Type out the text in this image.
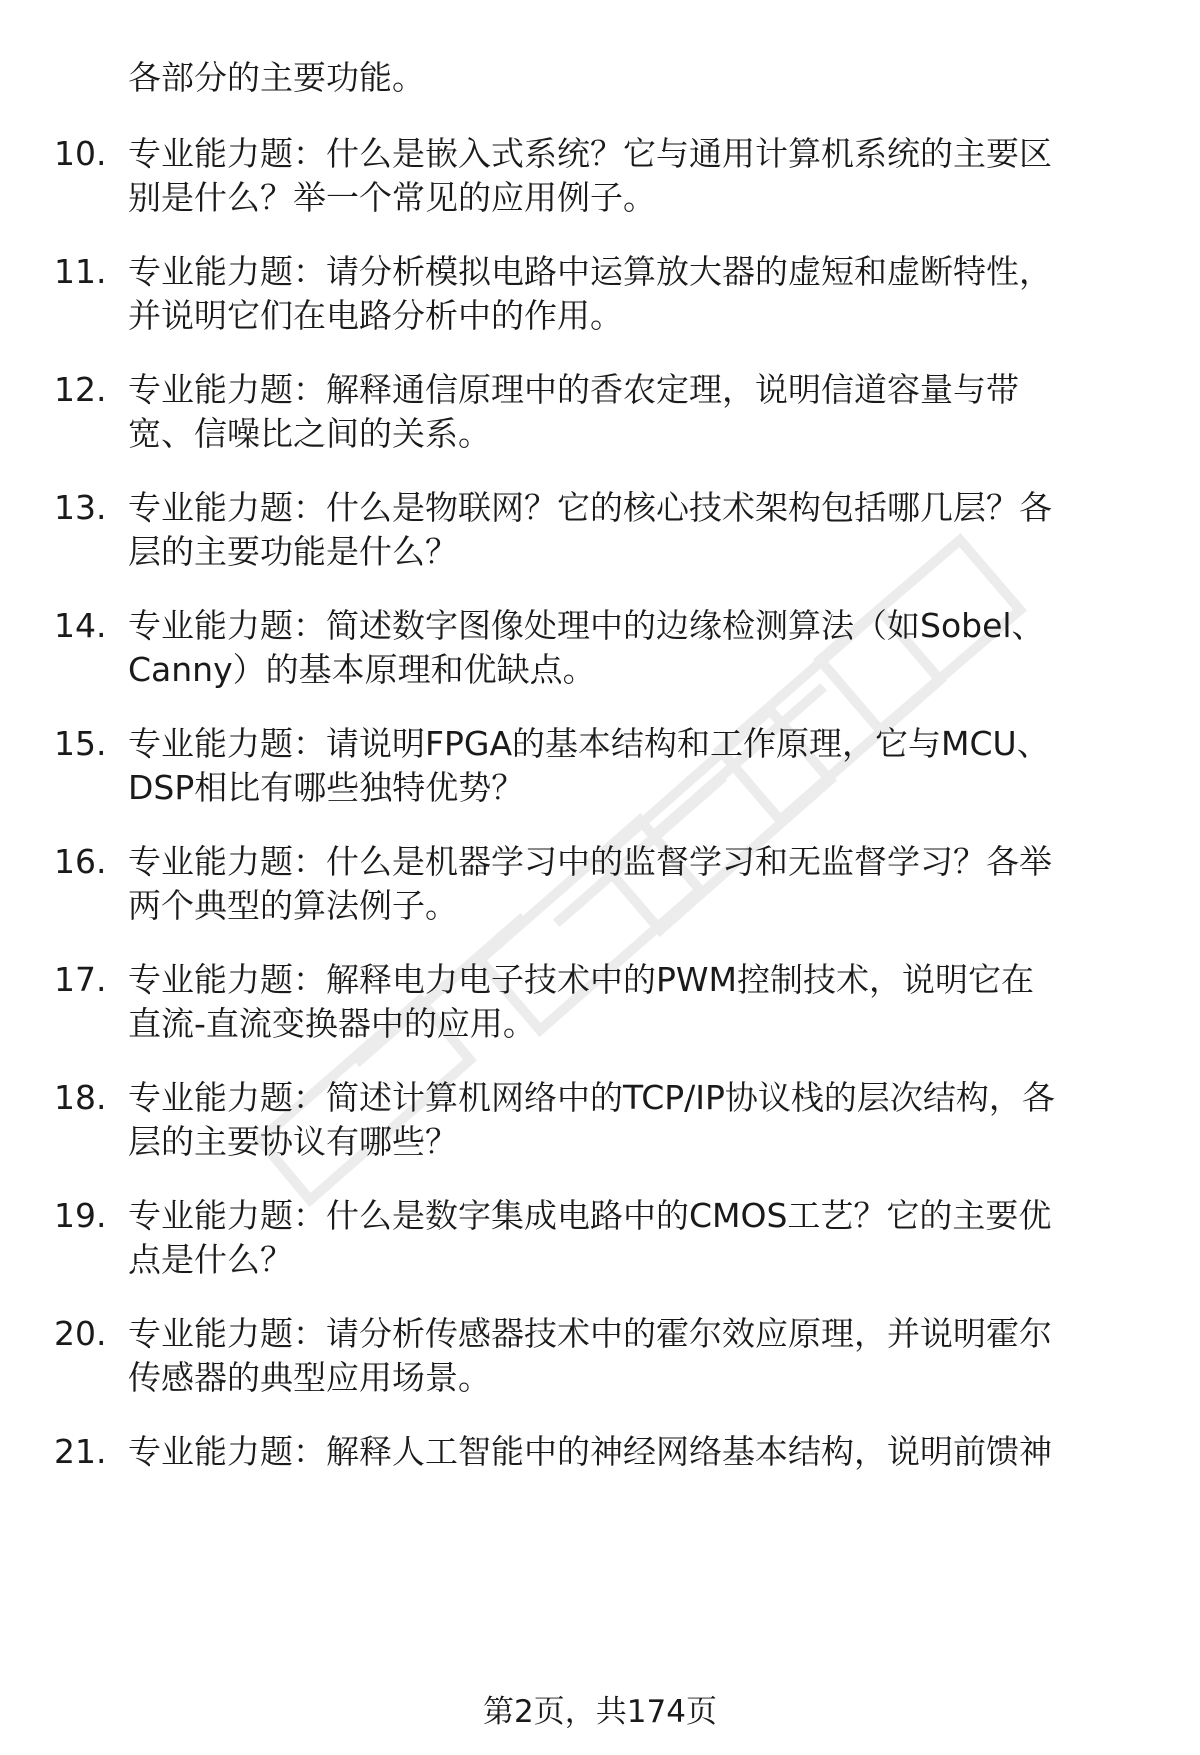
各部分的主要功能。
10. 专业能力题：什么是嵌入式系统？它与通用计算机系统的主要区
别是什么？举一个常见的应用例子。
11. 专业能力题：请分析模拟电路中运算放大器的虚短和虚断特性，
并说明它们在电路分析中的作用。
12. 专业能力题：解释通信原理中的香农定理，说明信道容量与带
宽、信噪比之间的关系。
13. 专业能力题：什么是物联网？它的核心技术架构包括哪几层？各
层的主要功能是什么？
14. 专业能力题：简述数字图像处理中的边缘检测算法（如Sobel、
Canny）的基本原理和优缺点。
15. 专业能力题：请说明FPGA的基本结构和工作原理，它与MCU、
DSP相比有哪些独特优势？
16. 专业能力题：什么是机器学习中的监督学习和无监督学习？各举
两个典型的算法例子。
17. 专业能力题：解释电力电子技术中的PWM控制技术，说明它在
直流-直流变换器中的应用。
18. 专业能力题：简述计算机网络中的TCP/IP协议栈的层次结构，各
层的主要协议有哪些？
19. 专业能力题：什么是数字集成电路中的CMOS工艺？它的主要优
点是什么？
20. 专业能力题：请分析传感器技术中的霍尔效应原理，并说明霍尔
传感器的典型应用场景。
21. 专业能力题：解释人工智能中的神经网络基本结构，说明前馈神
第2页，共174页
